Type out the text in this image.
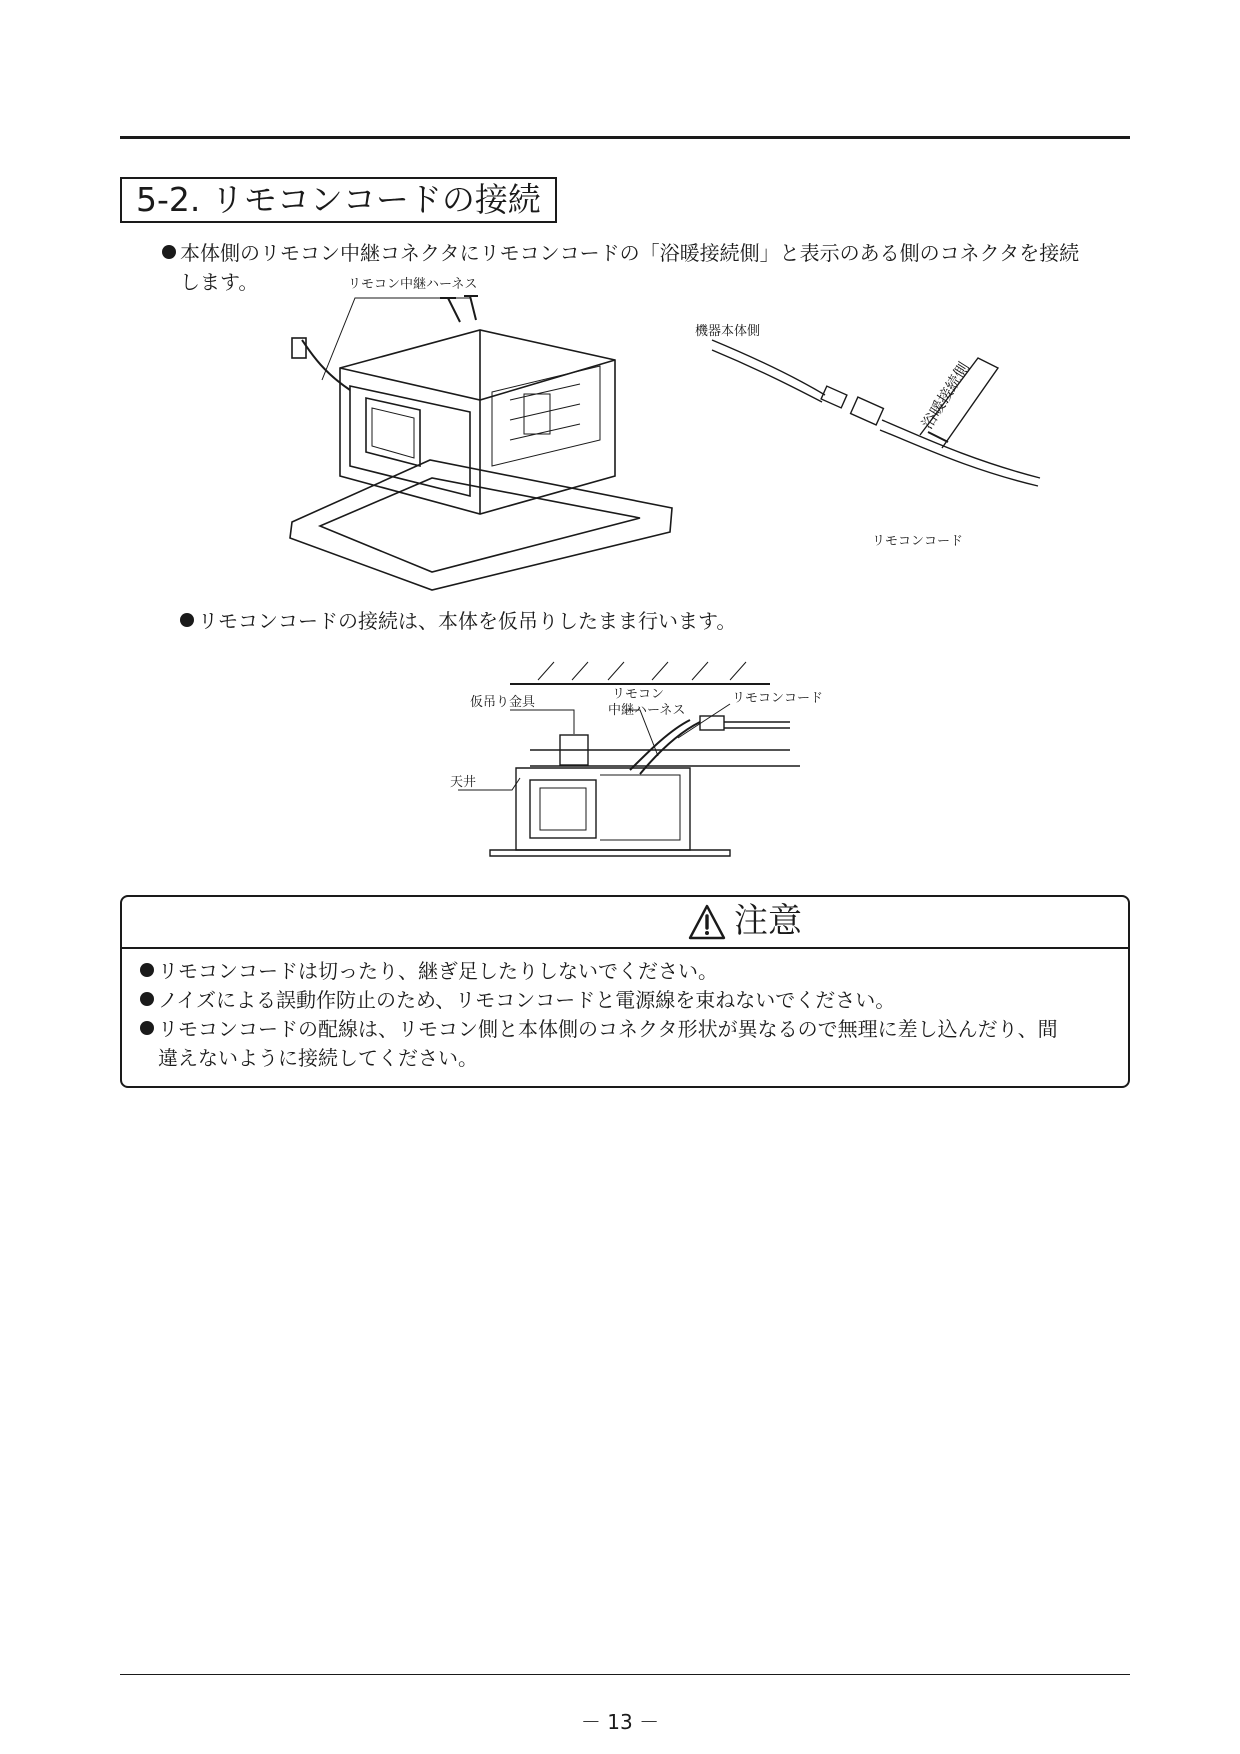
5-2. リモコンコードの接続
本体側のリモコン中継コネクタにリモコンコードの「浴暖接続側」と表示のある側のコネクタを接続
します。	リモコン中継ハーネス
機器本体側
浴暖接続側
リモコンコード
リモコンコードの接続は、本体を仮吊りしたまま行います。
仮吊り金具
リモコン
中継ハーネス
リモコンコード
天井
注意
リモコンコードは切ったり、継ぎ足したりしないでください。
ノイズによる誤動作防止のため、リモコンコードと電源線を束ねないでください。
リモコンコードの配線は、リモコン側と本体側のコネクタ形状が異なるので無理に差し込んだり、間
違えないように接続してください。
－ 13 －
